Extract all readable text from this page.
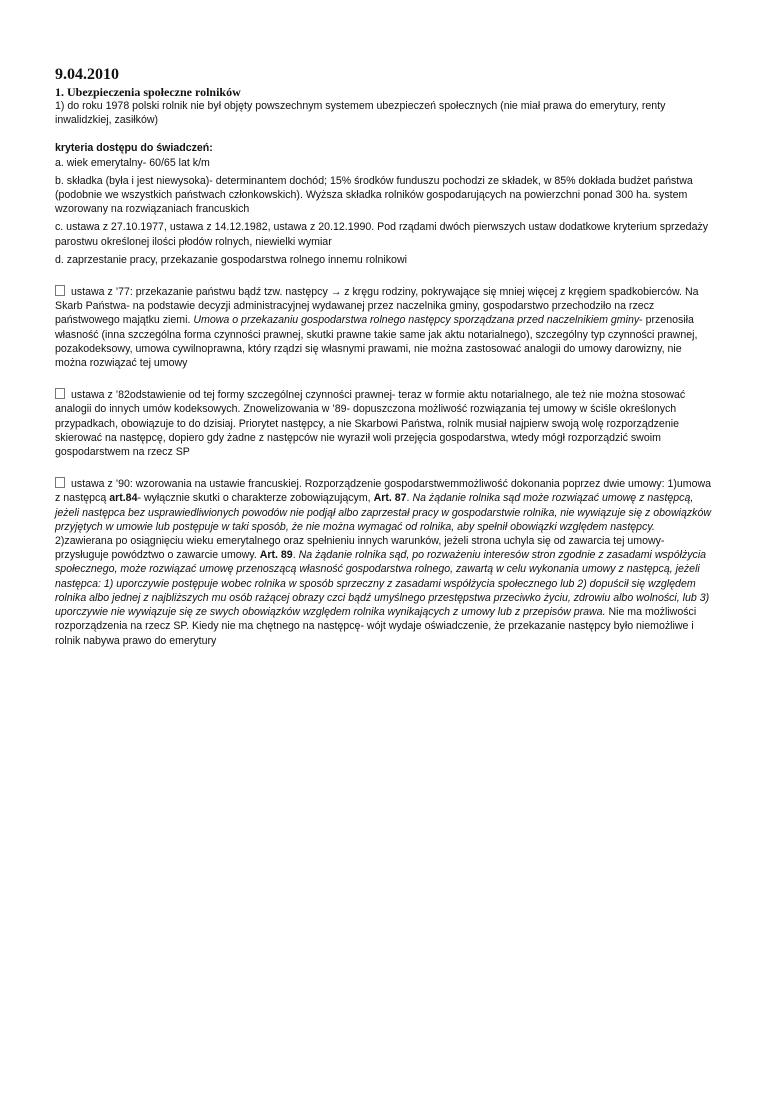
9.04.2010

1. Ubezpieczenia społeczne rolników

1) do roku 1978 polski rolnik nie był objęty powszechnym systemem ubezpieczeń społecznych (nie miał prawa do emerytury, renty inwalidzkiej, zasiłków)

kryteria dostępu do świadczeń:

a. wiek emerytalny- 60/65 lat k/m

b. składka (była i jest niewysoka)- determinantem dochód; 15% środków funduszu pochodzi ze składek, w 85% dokłada budżet państwa (podobnie we wszystkich państwach członkowskich). Wyższa składka rolników gospodarujących na powierzchni ponad 300 ha. system wzorowany na rozwiązaniach francuskich

c. ustawa z 27.10.1977, ustawa z 14.12.1982, ustawa z 20.12.1990. Pod rządami dwóch pierwszych ustaw dodatkowe kryterium sprzedaży parostwu określonej ilości płodów rolnych, niewielki wymiar

d. zaprzestanie pracy, przekazanie gospodarstwa rolnego innemu rolnikowi

ustawa z ’77: przekazanie państwu bądź tzw. następcy → z kręgu rodziny, pokrywające się mniej więcej z kręgiem spadkobierców. Na Skarb Państwa- na podstawie decyzji administracyjnej wydawanej przez naczelnika gminy, gospodarstwo przechodziło na rzecz państwowego majątku ziemi. Umowa o przekazaniu gospodarstwa rolnego następcy sporządzana przed naczelnikiem gminy- przenosiła własność (inna szczególna forma czynności prawnej, skutki prawne takie same jak aktu notarialnego), szczególny typ czynności prawnej, pozakodeksowy, umowa cywilnoprawna, który rządzi się własnymi prawami, nie można zastosować analogii do umowy darowizny, nie można rozwiązać tej umowy

ustawa z ’82odstawienie od tej formy szczególnej czynności prawnej- teraz w formie aktu notarialnego, ale też nie można stosować analogii do innych umów kodeksowych. Znowelizowania w ’89- dopuszczona możliwość rozwiązania tej umowy w ściśle określonych przypadkach, obowiązuje to do dzisiaj. Priorytet następcy, a nie Skarbowi Państwa, rolnik musiał najpierw swoją wolę rozporządzenie skierować na następcę, dopiero gdy żadne z następców nie wyraził woli przejęcia gospodarstwa, wtedy mógł rozporządzić swoim gospodarstwem na rzecz SP

ustawa z ’90: wzorowania na ustawie francuskiej. Rozporządzenie gospodarstwemmożliwość dokonania poprzez dwie umowy: 1)umowa z następcą art.84- wyłącznie skutki o charakterze zobowiązującym, Art. 87. Na żądanie rolnika sąd może rozwiązać umowę z następcą, jeżeli następca bez usprawiedliwionych powodów nie podjął albo zaprzestał pracy w gospodarstwie rolnika, nie wywiązuje się z obowiązków przyjętych w umowie lub postępuje w taki sposób, że nie można wymagać od rolnika, aby spełnił obowiązki względem następcy. 2)zawierana po osiągnięciu wieku emerytalnego oraz spełnieniu innych warunków, jeżeli strona uchyla się od zawarcia tej umowy- przysługuje powództwo o zawarcie umowy. Art. 89. Na żądanie rolnika sąd, po rozważeniu interesów stron zgodnie z zasadami współżycia społecznego, może rozwiązać umowę przenoszącą własność gospodarstwa rolnego, zawartą w celu wykonania umowy z następcą, jeżeli następca: 1) uporczywie postępuje wobec rolnika w sposób sprzeczny z zasadami współżycia społecznego lub 2) dopuścił się względem rolnika albo jednej z najbliższych mu osób rażącej obrazy czci bądź umyślnego przestępstwa przeciwko życiu, zdrowiu albo wolności, lub 3) uporczywie nie wywiązuje się ze swych obowiązków względem rolnika wynikających z umowy lub z przepisów prawa. Nie ma możliwości rozporządzenia na rzecz SP. Kiedy nie ma chętnego na następcę- wójt wydaje oświadczenie, że przekazanie następcy było niemożliwe i rolnik nabywa prawo do emerytury
